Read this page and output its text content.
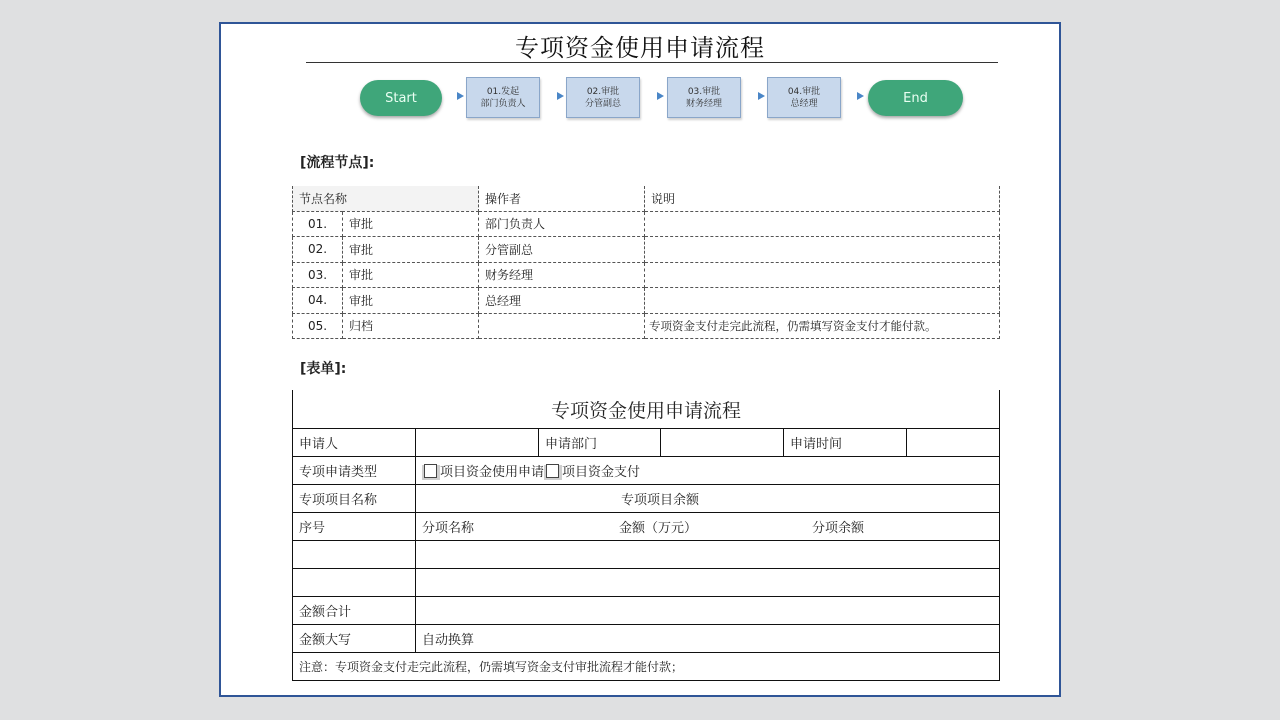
专项资金使用申请流程
Start	01.发起
部门负责人
02.审批
分管副总
03.审批
财务经理
04.审批
总经理	End
[流程节点]:
节点名称		操作者	说明
01.	审批	部门负责人	
02.	审批	分管副总	
03.	审批	财务经理	
04.	审批	总经理	
05.	归档		专项资金支付走完此流程，仍需填写资金支付才能付款。
[表单]:
专项资金使用申请流程					
申请人		申请部门		申请时间	
专项申请类型	项目资金使用申请 项目资金支付				
专项项目名称	专项项目余额				
序号	分项名称 金额（万元） 分项余额				

金额合计					
金额大写	自动换算				
注意：专项资金支付走完此流程，仍需填写资金支付审批流程才能付款；					
